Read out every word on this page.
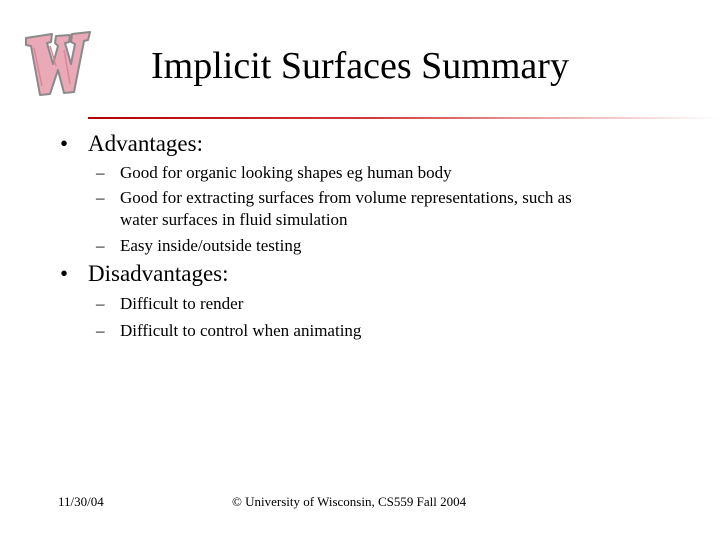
Implicit Surfaces Summary
• Advantages:
– Good for organic looking shapes eg human body
– Good for extracting surfaces from volume representations, such as
water surfaces in fluid simulation
– Easy inside/outside testing
• Disadvantages:
– Difficult to render
– Difficult to control when animating
11/30/04	© University of Wisconsin, CS559 Fall 2004
